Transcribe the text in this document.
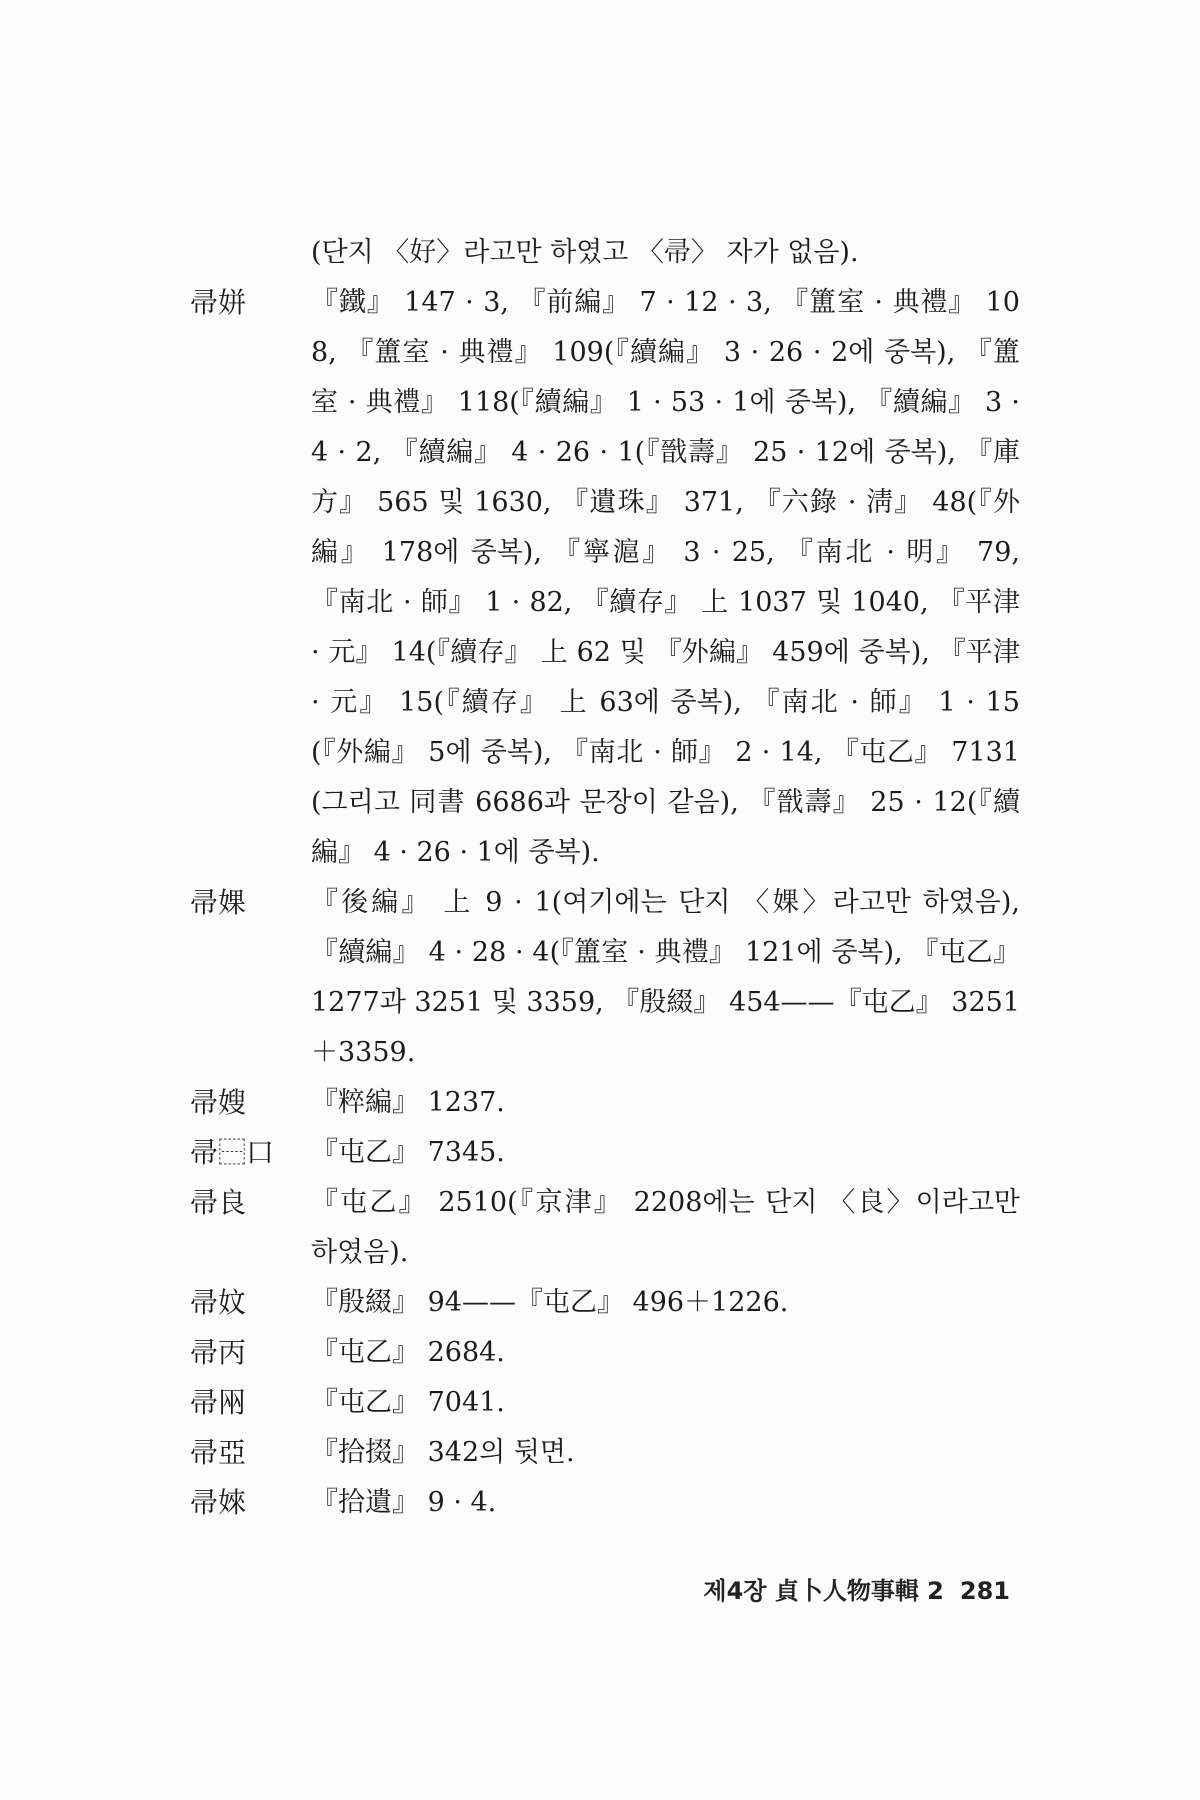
(단지 〈好〉라고만 하였고 〈帚〉 자가 없음).
帚姘	『鐵』 147 · 3, 『前編』 7 · 12 · 3, 『簠室 · 典禮』 108, 『簠室 · 典禮』 109(『續編』 3 · 26 · 2에 중복), 『簠室 · 典禮』 118(『續編』 1 · 53 · 1에 중복), 『續編』 3 · 4 · 2, 『續編』 4 · 26 · 1(『戩壽』 25 · 12에 중복), 『庫方』 565 및 1630, 『遺珠』 371, 『六錄 · 淸』 48(『外編』 178에 중복), 『寧滬』 3 · 25, 『南北 · 明』 79, 『南北 · 師』 1 · 82, 『續存』 上 1037 및 1040, 『平津 · 元』 14(『續存』 上 62 및 『外編』 459에 중복), 『平津 · 元』 15(『續存』 上 63에 중복), 『南北 · 師』 1 · 15(『外編』 5에 중복), 『南北 · 師』 2 · 14, 『屯乙』 7131(그리고 同書 6686과 문장이 같음), 『戩壽』 25 · 12(『續編』 4 · 26 · 1에 중복).
帚婐	『後編』 上 9 · 1(여기에는 단지 〈婐〉라고만 하였음), 『續編』 4 · 28 · 4(『簠室 · 典禮』 121에 중복), 『屯乙』 1277과 3251 및 3359, 『殷綴』 454——『屯乙』 3251＋3359.
帚嫂	『粹編』 1237.
帚⿱口	『屯乙』 7345.
帚良	『屯乙』 2510(『京津』 2208에는 단지 〈良〉이라고만 하였음).
帚妏	『殷綴』 94——『屯乙』 496＋1226.
帚丙	『屯乙』 2684.
帚㒳	『屯乙』 7041.
帚亞	『拾掇』 342의 뒷면.
帚婡	『拾遺』 9 · 4.
제4장 貞卜人物事輯 2 281
